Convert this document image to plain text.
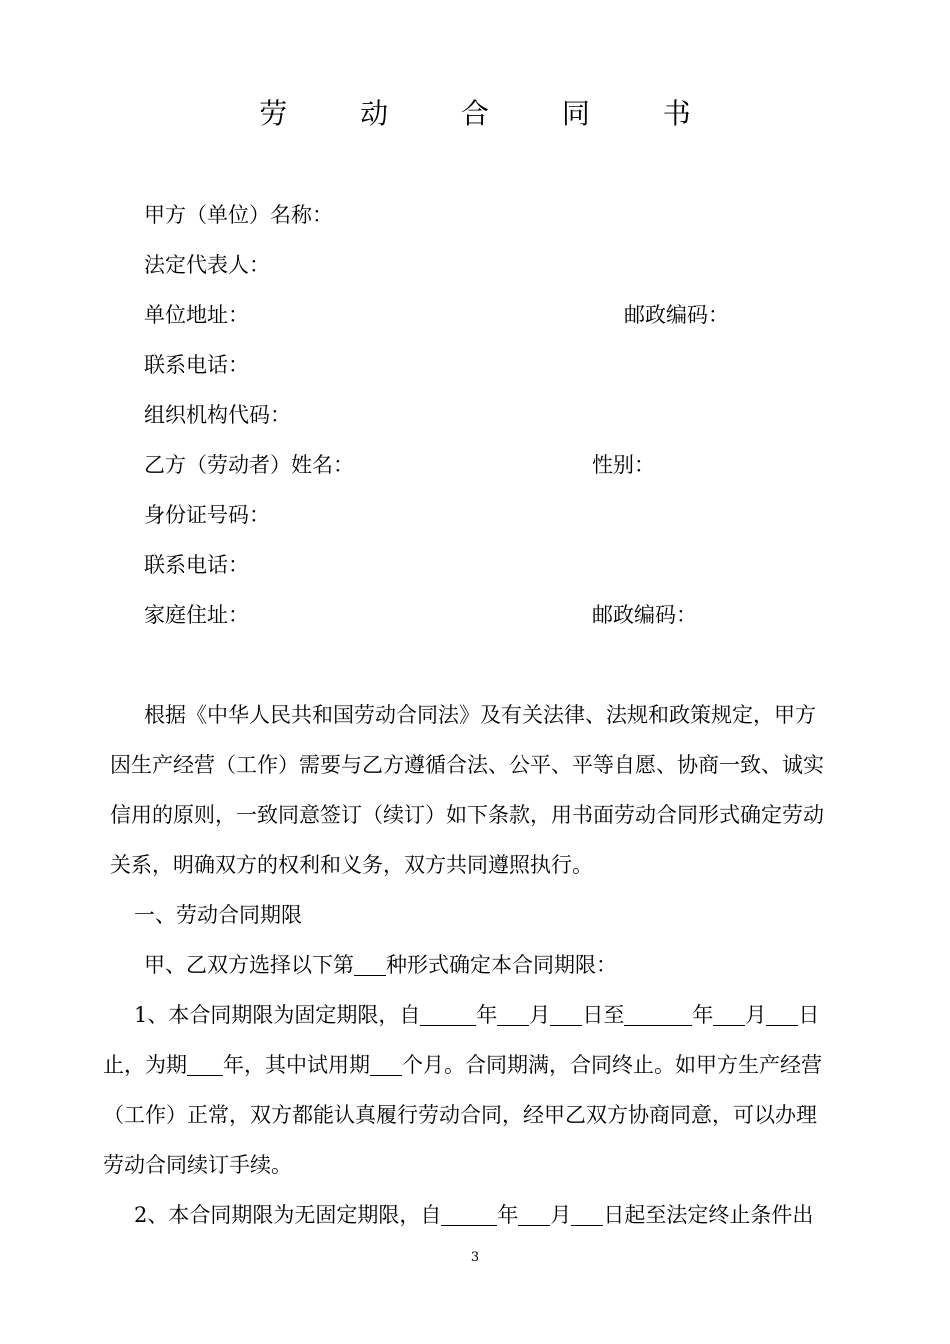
劳 动 合 同 书
甲方（单位）名称：
法定代表人：
单位地址：	邮政编码：
联系电话：
组织机构代码：
乙方（劳动者）姓名：	性别：
身份证号码：
联系电话：
家庭住址：	邮政编码：
根据《中华人民共和国劳动合同法》及有关法律、法规和政策规定，甲方
因生产经营（工作）需要与乙方遵循合法、公平、平等自愿、协商一致、诚实
信用的原则，一致同意签订（续订）如下条款，用书面劳动合同形式确定劳动
关系，明确双方的权利和义务，双方共同遵照执行。
一、劳动合同期限
甲、乙双方选择以下第 种形式确定本合同期限：
1、本合同期限为固定期限，自	年 月 日至	年 月 日
止，为期 年，其中试用期 个月。合同期满，合同终止。如甲方生产经营
（工作）正常，双方都能认真履行劳动合同，经甲乙双方协商同意，可以办理
劳动合同续订手续。
2、本合同期限为无固定期限，自	年 月 日起至法定终止条件出
3
